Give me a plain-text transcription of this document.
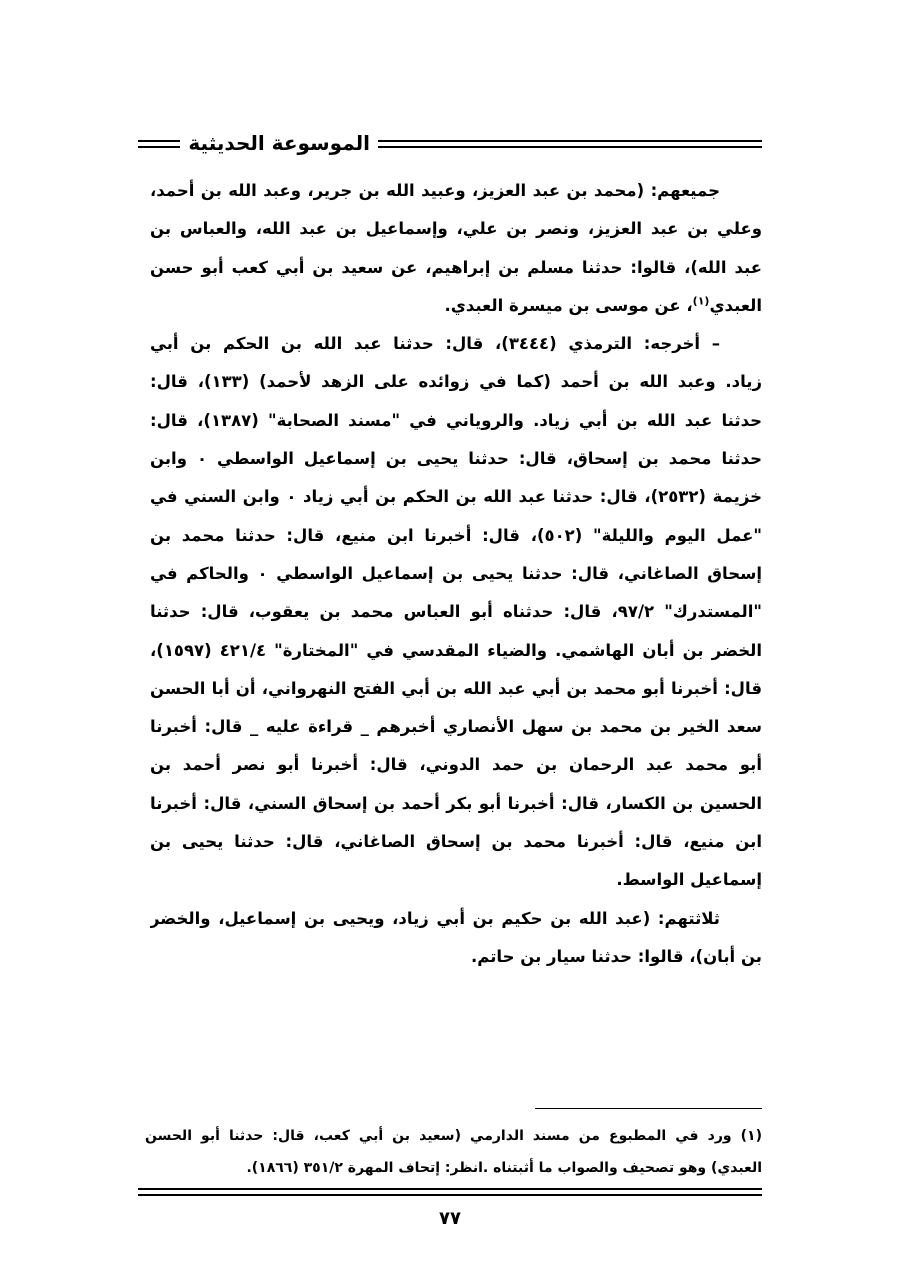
الموسوعة الحديثية
جميعهم: (محمد بن عبد العزيز، وعبيد الله بن جرير، وعبد الله بن أحمد،
وعلي بن عبد العزيز، ونصر بن علي، وإسماعيل بن عبد الله، والعباس بن
عبد الله)، قالوا: حدثنا مسلم بن إبراهيم، عن سعيد بن أبي كعب أبو حسن
العبدي$^{(١)}$، عن موسى بن ميسرة العبدي.
– أخرجه: الترمذي (٣٤٤٤)، قال: حدثنا عبد الله بن الحكم بن أبي
زياد. وعبد الله بن أحمد (كما في زوائده على الزهد لأحمد) (١٣٣)، قال:
حدثنا عبد الله بن أبي زياد. والروياني في "مسند الصحابة" (١٣٨٧)، قال:
حدثنا محمد بن إسحاق، قال: حدثنا يحيى بن إسماعيل الواسطي ٠ وابن
خزيمة (٢٥٣٢)، قال: حدثنا عبد الله بن الحكم بن أبي زياد ٠ وابن السني في
"عمل اليوم والليلة" (٥٠٢)، قال: أخبرنا ابن منيع، قال: حدثنا محمد بن
إسحاق الصاغاني، قال: حدثنا يحيى بن إسماعيل الواسطي ٠ والحاكم في
"المستدرك" ٩٧/٢، قال: حدثناه أبو العباس محمد بن يعقوب، قال: حدثنا
الخضر بن أبان الهاشمي. والضياء المقدسي في "المختارة" ٤٢١/٤ (١٥٩٧)،
قال: أخبرنا أبو محمد بن أبي عبد الله بن أبي الفتح النهرواني، أن أبا الحسن
سعد الخير بن محمد بن سهل الأنصاري أخبرهم _ قراءة عليه _ قال: أخبرنا
أبو محمد عبد الرحمان بن حمد الدوني، قال: أخبرنا أبو نصر أحمد بن
الحسين بن الكسار، قال: أخبرنا أبو بكر أحمد بن إسحاق السني، قال: أخبرنا
ابن منيع، قال: أخبرنا محمد بن إسحاق الصاغاني، قال: حدثنا يحيى بن
إسماعيل الواسط.
ثلاثتهم: (عبد الله بن حكيم بن أبي زياد، ويحيى بن إسماعيل، والخضر
بن أبان)، قالوا: حدثنا سيار بن حاتم.
(١) ورد في المطبوع من مسند الدارمي (سعيد بن أبي كعب، قال: حدثنا أبو الحسن
العبدي) وهو تصحيف والصواب ما أثبتناه .انظر: إتحاف المهرة ٣٥١/٢ (١٨٦٦).
٧٧
